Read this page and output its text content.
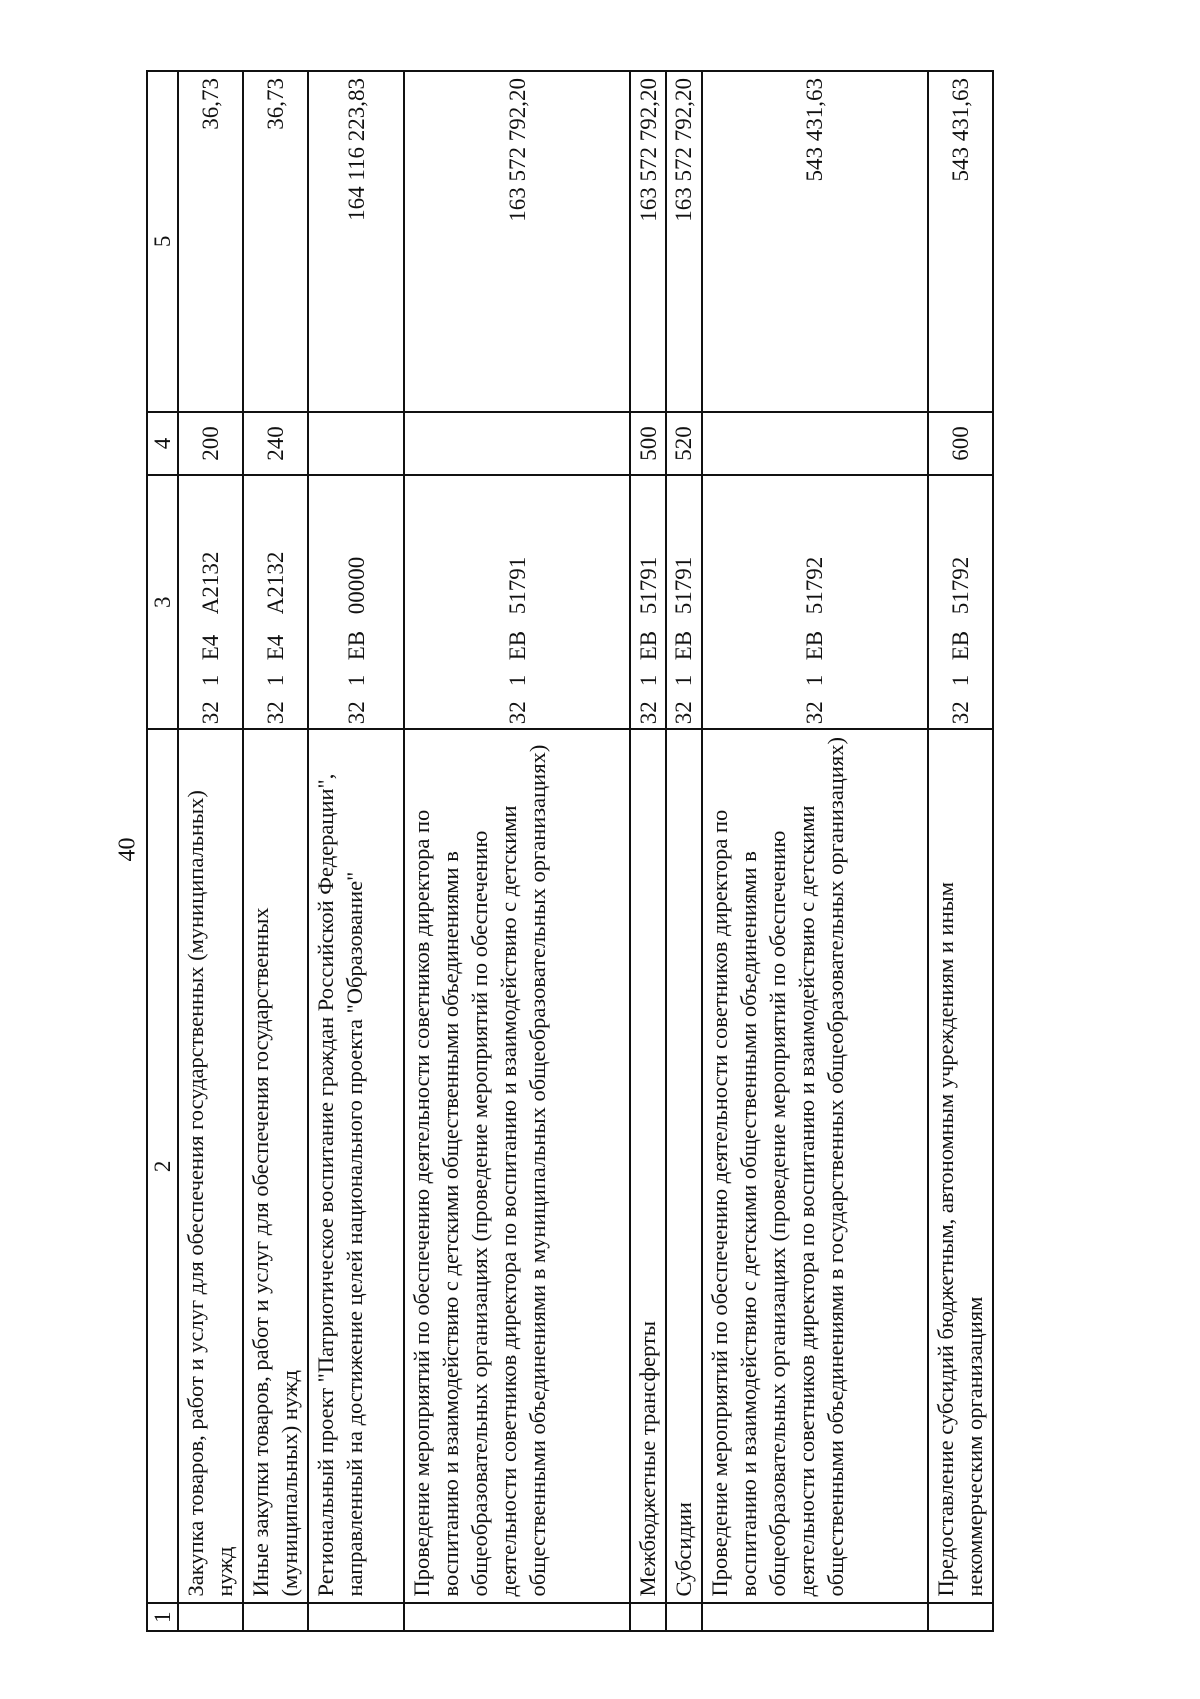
40
1	2	3	4	5
	Закупка товаров, работ и услуг для обеспечения государственных (муниципальных) нужд	321Е4А2132	200	36,73
	Иные закупки товаров, работ и услуг для обеспечения государственных (муниципальных) нужд	321Е4А2132	240	36,73
	Региональный проект "Патриотическое воспитание граждан Российской Федерации", направленный на достижение целей национального проекта "Образование"	321ЕВ00000		164 116 223,83
	Проведение мероприятий по обеспечению деятельности советников директора по воспитанию и взаимодействию с детскими общественными объединениями в общеобразовательных организациях (проведение мероприятий по обеспечению деятельности советников директора по воспитанию и взаимодействию с детскими общественными объединениями в муниципальных общеобразовательных организациях)	321ЕВ51791		163 572 792,20
	Межбюджетные трансферты	321ЕВ51791	500	163 572 792,20
	Субсидии	321ЕВ51791	520	163 572 792,20
	Проведение мероприятий по обеспечению деятельности советников директора по воспитанию и взаимодействию с детскими общественными объединениями в общеобразовательных организациях (проведение мероприятий по обеспечению деятельности советников директора по воспитанию и взаимодействию с детскими общественными объединениями в государственных общеобразовательных организациях)	321ЕВ51792		543 431,63
	Предоставление субсидий бюджетным, автономным учреждениям и иным некоммерческим организациям	321ЕВ51792	600	543 431,63
